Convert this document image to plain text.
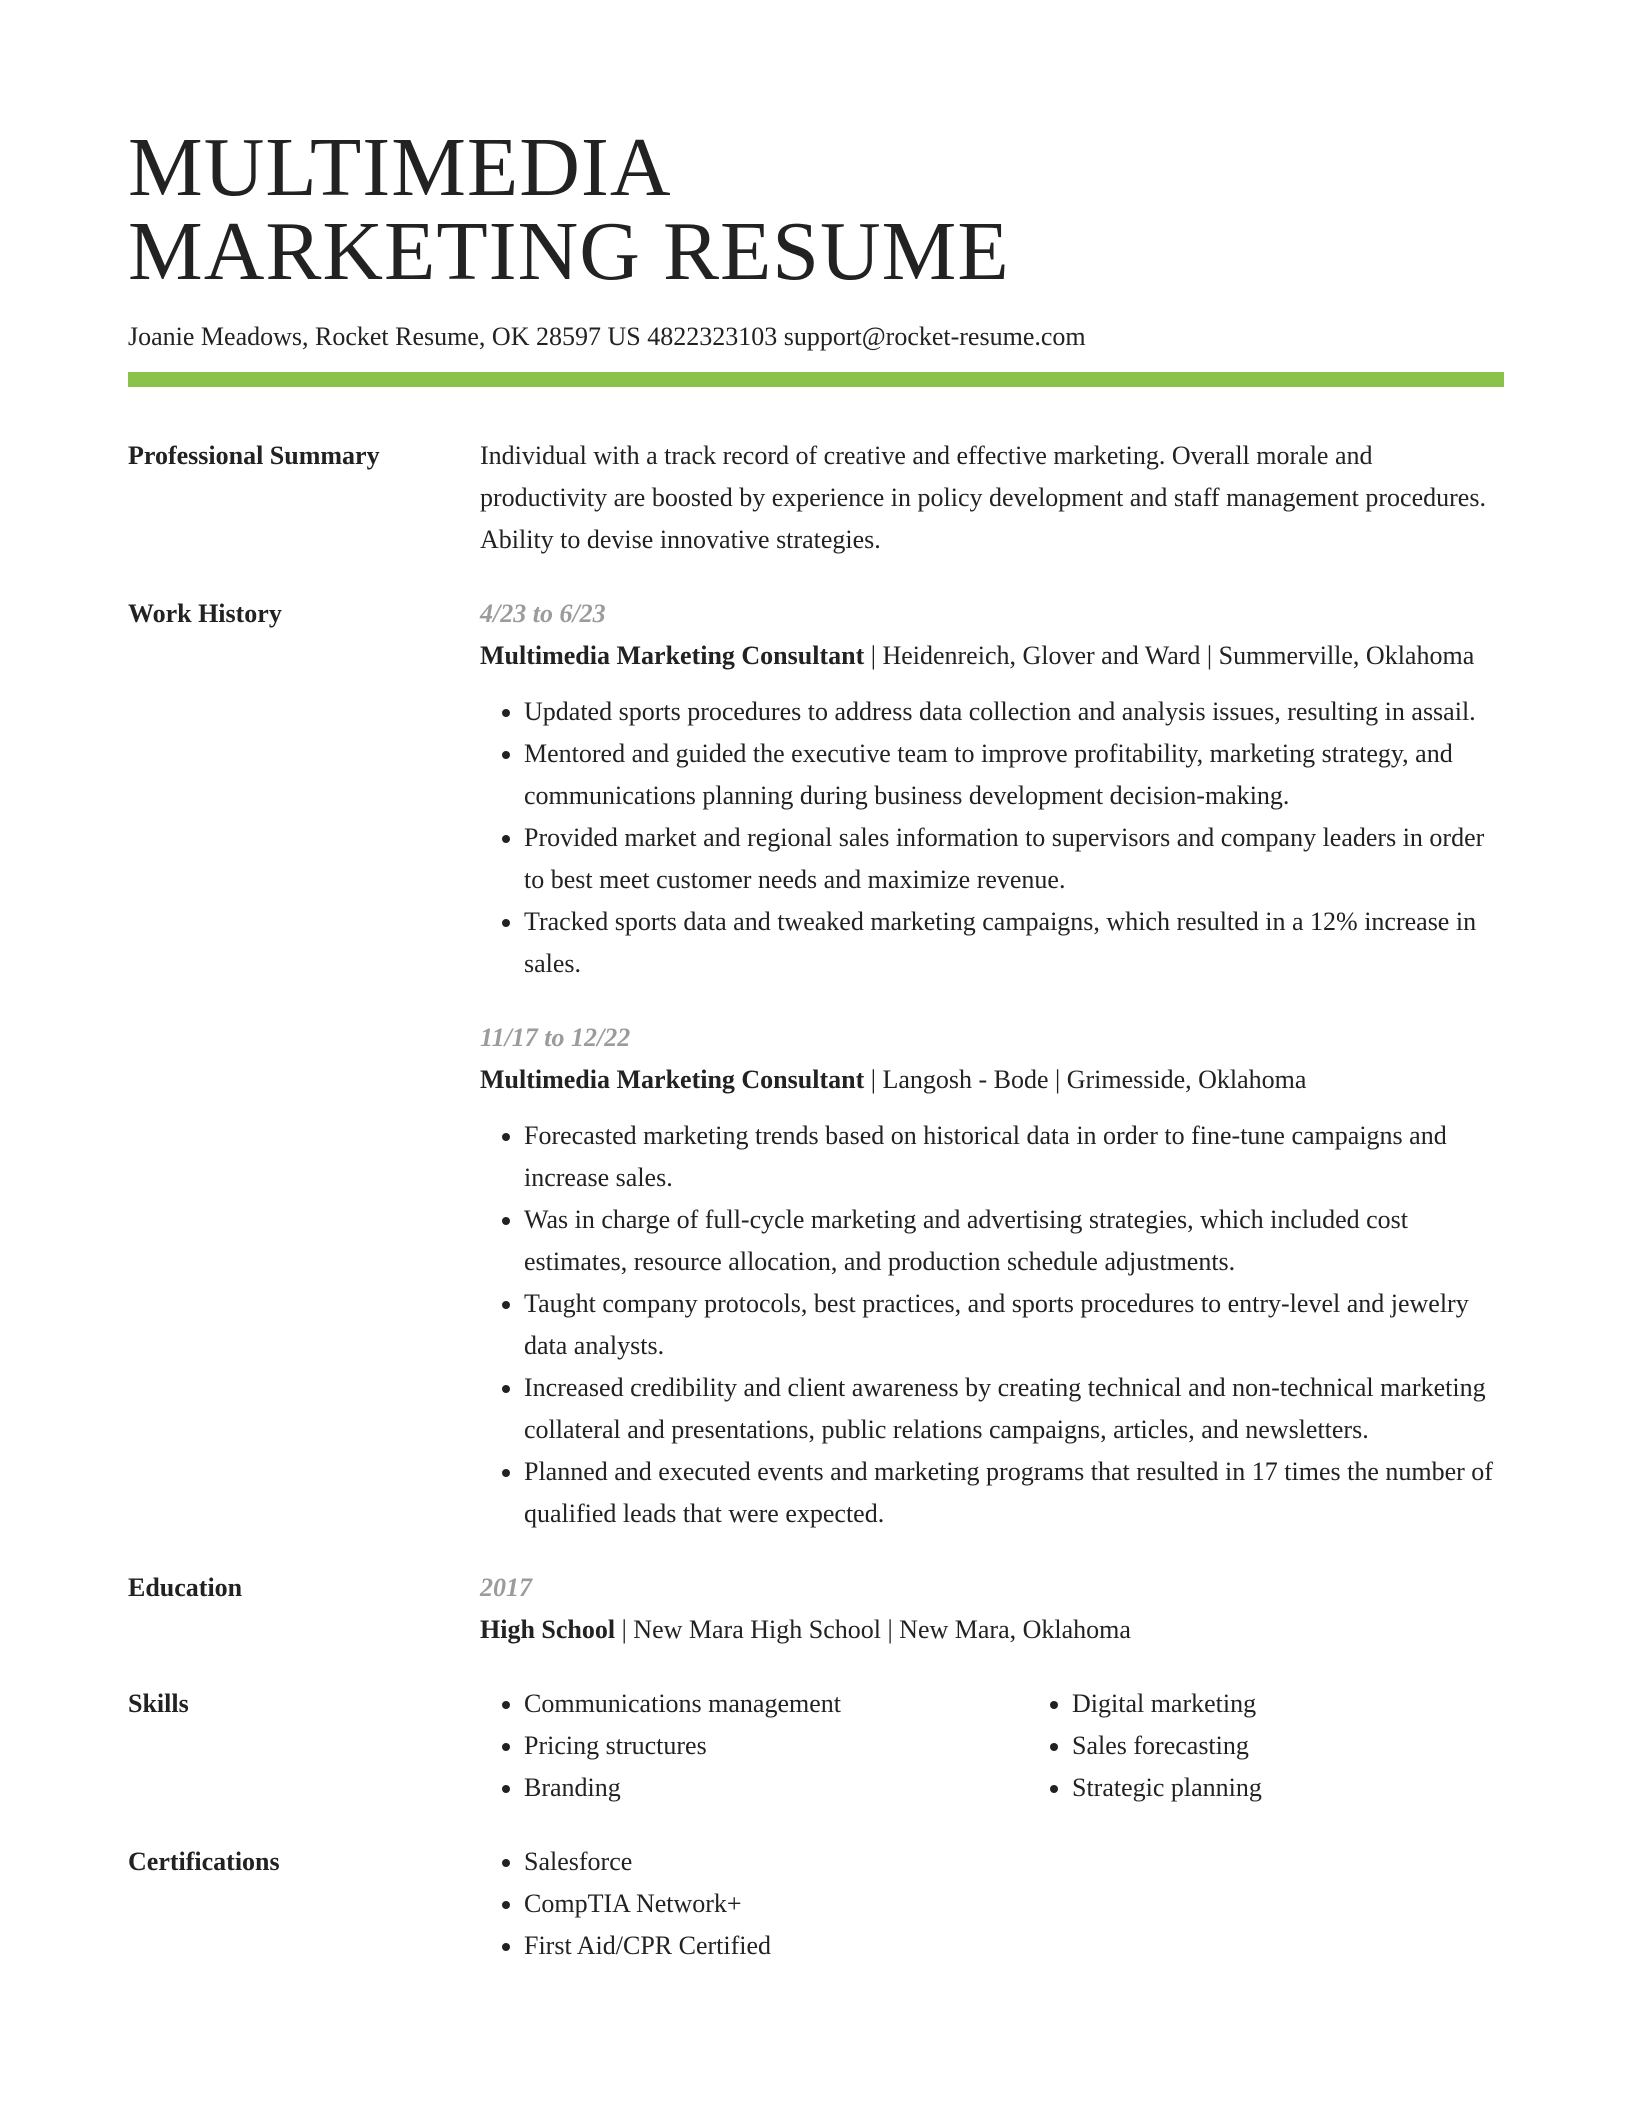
MULTIMEDIA
MARKETING RESUME
Joanie Meadows, Rocket Resume, OK 28597 US 4822323103 support@rocket-resume.com
Professional Summary	Individual with a track record of creative and effective marketing. Overall morale and productivity are boosted by experience in policy development and staff management procedures. Ability to devise innovative strategies.
Work History	4/23 to 6/23
Multimedia Marketing Consultant | Heidenreich, Glover and Ward | Summerville, Oklahoma
• Updated sports procedures to address data collection and analysis issues, resulting in assail.
• Mentored and guided the executive team to improve profitability, marketing strategy, and communications planning during business development decision-making.
• Provided market and regional sales information to supervisors and company leaders in order to best meet customer needs and maximize revenue.
• Tracked sports data and tweaked marketing campaigns, which resulted in a 12% increase in sales.
11/17 to 12/22
Multimedia Marketing Consultant | Langosh - Bode | Grimesside, Oklahoma
• Forecasted marketing trends based on historical data in order to fine-tune campaigns and increase sales.
• Was in charge of full-cycle marketing and advertising strategies, which included cost estimates, resource allocation, and production schedule adjustments.
• Taught company protocols, best practices, and sports procedures to entry-level and jewelry data analysts.
• Increased credibility and client awareness by creating technical and non-technical marketing collateral and presentations, public relations campaigns, articles, and newsletters.
• Planned and executed events and marketing programs that resulted in 17 times the number of qualified leads that were expected.
Education	2017
High School | New Mara High School | New Mara, Oklahoma
Skills	• Communications management
• Pricing structures
• Branding
• Digital marketing
• Sales forecasting
• Strategic planning
Certifications	• Salesforce
• CompTIA Network+
• First Aid/CPR Certified
